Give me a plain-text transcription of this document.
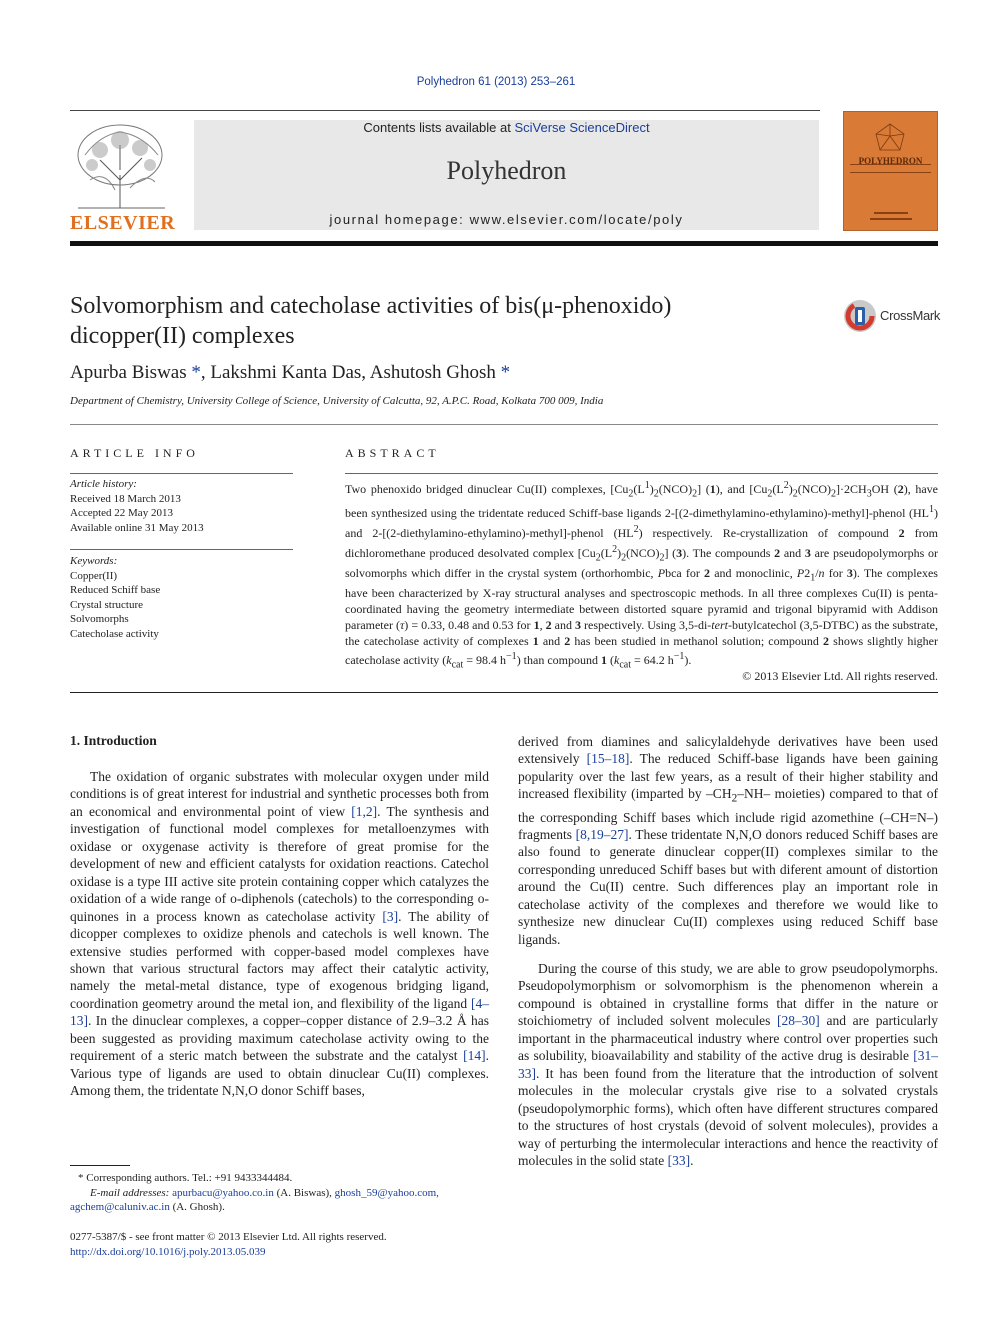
Polyhedron 61 (2013) 253–261
ELSEVIER
Contents lists available at SciVerse ScienceDirect
Polyhedron
journal homepage: www.elsevier.com/locate/poly
POLYHEDRON
Solvomorphism and catecholase activities of bis(μ-phenoxido)
dicopper(II) complexes
CrossMark
Apurba Biswas *, Lakshmi Kanta Das, Ashutosh Ghosh *
Department of Chemistry, University College of Science, University of Calcutta, 92, A.P.C. Road, Kolkata 700 009, India
ARTICLE INFO	ABSTRACT
Article history:
Received 18 March 2013
Accepted 22 May 2013
Available online 31 May 2013
Keywords:
Copper(II)
Reduced Schiff base
Crystal structure
Solvomorphs
Catecholase activity
Two phenoxido bridged dinuclear Cu(II) complexes, $[Cu_2(L^1)_2(NCO)_2]$ (1), and $[Cu_2(L^2)_2(NCO)_2]\cdot 2CH_3OH$ (2), have been synthesized using the tridentate reduced Schiff-base ligands 2-[(2-dimethylamino-ethylamino)-methyl]-phenol $(HL^1)$ and 2-[(2-diethylamino-ethylamino)-methyl]-phenol $(HL^2)$ respectively. Re-crystallization of compound 2 from dichloromethane produced desolvated complex $[Cu_2(L^2)_2(NCO)_2]$ (3). The compounds 2 and 3 are pseudopolymorphs or solvomorphs which differ in the crystal system (orthorhombic, Pbca for 2 and monoclinic, $P2_1/n$ for 3). The complexes have been characterized by X-ray structural analyses and spectroscopic methods. In all three complexes Cu(II) is penta-coordinated having the geometry intermediate between distorted square pyramid and trigonal bipyramid with Addison parameter (τ) = 0.33, 0.48 and 0.53 for 1, 2 and 3 respectively. Using 3,5-di-tert-butylcatechol (3,5-DTBC) as the substrate, the catecholase activity of complexes 1 and 2 has been studied in methanol solution; compound 2 shows slightly higher catecholase activity ($k_{cat} = 98.4$ $h^{-1}$) than compound 1 ($k_{cat} = 64.2$ $h^{-1}$).
© 2013 Elsevier Ltd. All rights reserved.
1. Introduction
The oxidation of organic substrates with molecular oxygen under mild conditions is of great interest for industrial and synthetic processes both from an economical and environmental point of view [1,2]. The synthesis and investigation of functional model complexes for metalloenzymes with oxidase or oxygenase activity is therefore of great promise for the development of new and efficient catalysts for oxidation reactions. Catechol oxidase is a type III active site protein containing copper which catalyzes the oxidation of a wide range of o-diphenols (catechols) to the corresponding o-quinones in a process known as catecholase activity [3]. The ability of dicopper complexes to oxidize phenols and catechols is well known. The extensive studies performed with copper-based model complexes have shown that various structural factors may affect their catalytic activity, namely the metal-metal distance, type of exogenous bridging ligand, coordination geometry around the metal ion, and flexibility of the ligand [4–13]. In the dinuclear complexes, a copper–copper distance of 2.9–3.2 Å has been suggested as providing maximum catecholase activity owing to the requirement of a steric match between the substrate and the catalyst [14]. Various type of ligands are used to obtain dinuclear Cu(II) complexes. Among them, the tridentate N,N,O donor Schiff bases,
derived from diamines and salicylaldehyde derivatives have been used extensively [15–18]. The reduced Schiff-base ligands have been gaining popularity over the last few years, as a result of their higher stability and increased flexibility (imparted by $-CH_2-NH-$ moieties) compared to that of the corresponding Schiff bases which include rigid azomethine (–CH=N–) fragments [8,19–27]. These tridentate N,N,O donors reduced Schiff bases are also found to generate dinuclear copper(II) complexes similar to the corresponding unreduced Schiff bases but with diferent amount of distortion around the Cu(II) centre. Such differences play an important role in catecholase activity of the complexes and therefore we would like to synthesize new dinuclear Cu(II) complexes using reduced Schiff base ligands.
During the course of this study, we are able to grow pseudopolymorphs. Pseudopolymorphism or solvomorphism is the phenomenon wherein a compound is obtained in crystalline forms that differ in the nature or stoichiometry of included solvent molecules [28–30] and are particularly important in the pharmaceutical industry where control over properties such as solubility, bioavailability and stability of the active drug is desirable [31–33]. It has been found from the literature that the introduction of solvent molecules in the molecular crystals give rise to a solvated crystals (pseudopolymorphic forms), which often have different structures compared to the structures of host crystals (devoid of solvent molecules), provides a way of perturbing the intermolecular interactions and hence the reactivity of molecules in the solid state [33].
* Corresponding authors. Tel.: +91 9433344484.
E-mail addresses: apurbacu@yahoo.co.in (A. Biswas), ghosh_59@yahoo.com,
agchem@caluniv.ac.in (A. Ghosh).
0277-5387/$ - see front matter © 2013 Elsevier Ltd. All rights reserved.
http://dx.doi.org/10.1016/j.poly.2013.05.039
